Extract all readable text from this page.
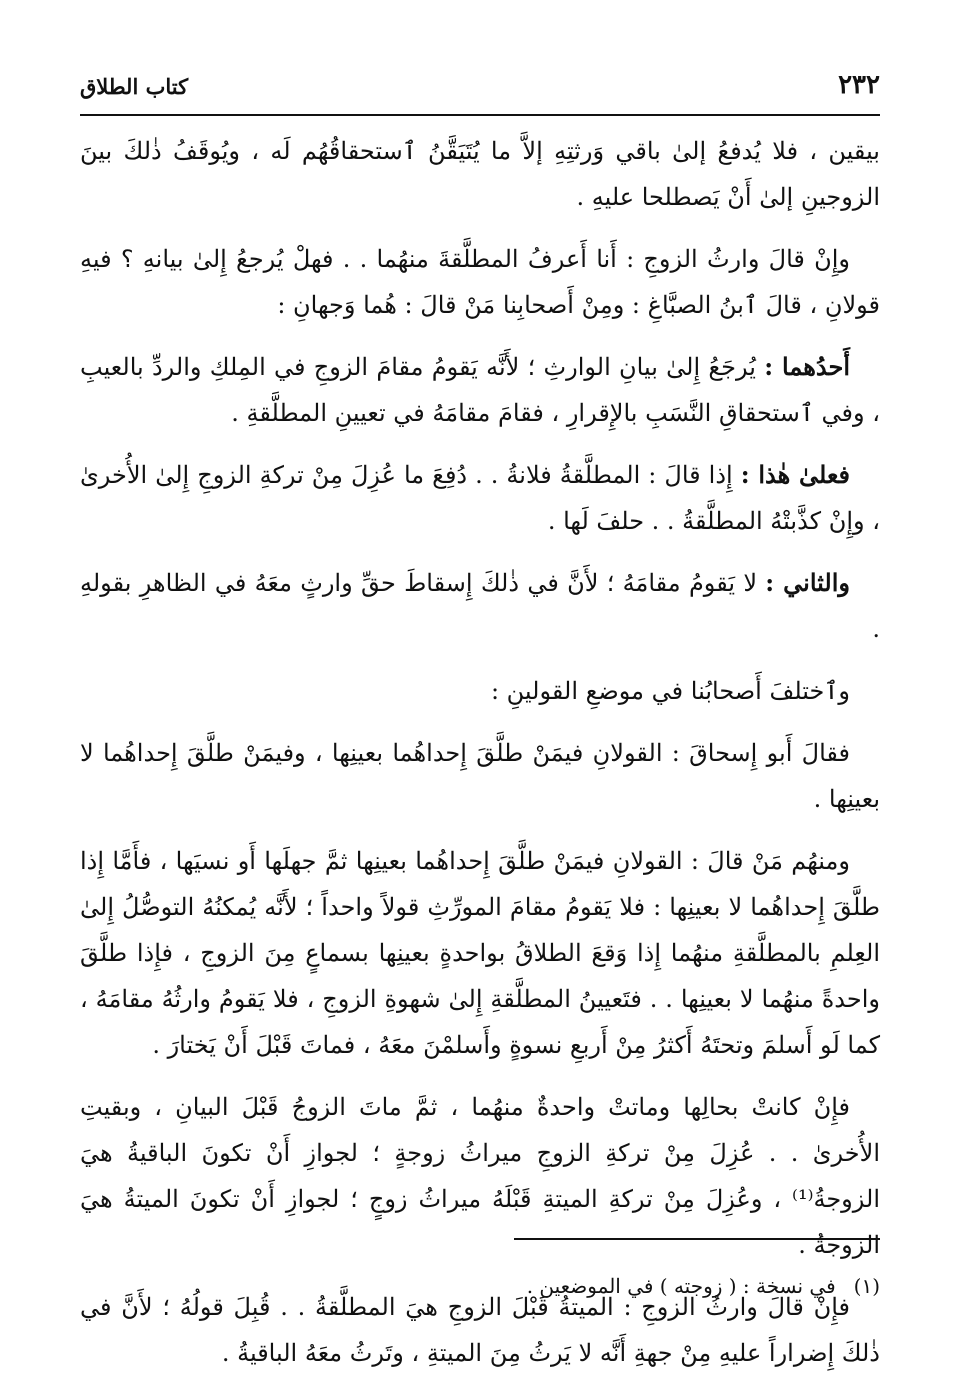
٢٣٢
كتاب الطلاق

بيقين ، فلا يُدفعُ إلىٰ باقي وَرثتِهِ إلاَّ ما يُتَيَقَّنُ ٱستحقاقُهُم لَه ، ويُوقَفُ ذٰلكَ بينَ الزوجينِ إلىٰ أَنْ يَصطلحا عليهِ .

وإِنْ قالَ وارثُ الزوجِ : أَنا أَعرفُ المطلَّقةَ منهُما . . فهلْ يُرجعُ إِلىٰ بيانهِ ؟ فيهِ قولانِ ، قالَ ٱبنُ الصبَّاغِ : ومِنْ أَصحابِنا مَنْ قالَ : هُما وَجهانِ :

أَحدُهما : يُرجَعُ إِلىٰ بيانِ الوارثِ ؛ لأَنَّه يَقومُ مقامَ الزوجِ في المِلكِ والردِّ بالعيبِ ، وفي ٱستحقاقِ النَّسَبِ بالإِقرارِ ، فقامَ مقامَهُ في تعيينِ المطلَّقةِ .

فعلىٰ هٰذا : إِذا قالَ : المطلَّقةُ فلانةُ . . دُفِعَ ما عُزِلَ مِنْ تركةِ الزوجِ إِلىٰ الأُخرىٰ ، وإِنْ كذَّبتْهُ المطلَّقةُ . . حلفَ لَها .

والثاني : لا يَقومُ مقامَهُ ؛ لأَنَّ في ذٰلكَ إِسقاطَ حقِّ وارثٍ معَهُ في الظاهرِ بقولهِ .

وٱختلفَ أَصحابُنا في موضعِ القولينِ :

فقالَ أَبو إِسحاقَ : القولانِ فيمَنْ طلَّقَ إِحداهُما بعينِها ، وفيمَنْ طلَّقَ إِحداهُما لا بعينِها .

ومنهُم مَنْ قالَ : القولانِ فيمَنْ طلَّقَ إِحداهُما بعينِها ثمَّ جهلَها أَو نسيَها ، فأَمَّا إِذا طلَّقَ إِحداهُما لا بعينِها : فلا يَقومُ مقامَ المورِّثِ قولاً واحداً ؛ لأَنَّه يُمكنُهُ التوصُّلُ إِلىٰ العِلمِ بالمطلَّقةِ منهُما إِذا وَقعَ الطلاقُ بواحدةٍ بعينِها بسماعٍ مِنَ الزوجِ ، فإِذا طلَّقَ واحدةً منهُما لا بعينِها . . فتَعيينُ المطلَّقةِ إِلىٰ شهوةِ الزوجِ ، فلا يَقومُ وارثُهُ مقامَهُ ، كما لَو أَسلمَ وتحتَهُ أَكثرُ مِنْ أَربعِ نسوةٍ وأَسلمْنَ معَهُ ، فماتَ قَبْلَ أَنْ يَختارَ .

فإِنْ كانتْ بحالِها وماتتْ واحدةٌ منهُما ، ثمَّ ماتَ الزوجُ قَبْلَ البيانِ ، وبقيتِ الأُخرىٰ . . عُزِلَ مِنْ تركةِ الزوجِ ميراثُ زوجةٍ ؛ لجوازِ أَنْ تكونَ الباقيةُ هيَ الزوجةُ⁽¹⁾ ، وعُزِلَ مِنْ تركةِ الميتةِ قَبْلَهُ ميراثُ زوجٍ ؛ لجوازِ أَنْ تكونَ الميتةُ هيَ الزوجةُ .

فإِنْ قالَ وارثُ الزوجِ : الميتةُ قَبْلَ الزوجِ هيَ المطلَّقةُ . . قُبِلَ قولُهُ ؛ لأَنَّ في ذٰلكَ إِضراراً عليهِ مِنْ جهةِ أَنَّه لا يَرثُ مِنَ الميتةِ ، وتَرثُ معَهُ الباقيةُ .

(١)في نسخة : ( زوجته ) في الموضعين .
